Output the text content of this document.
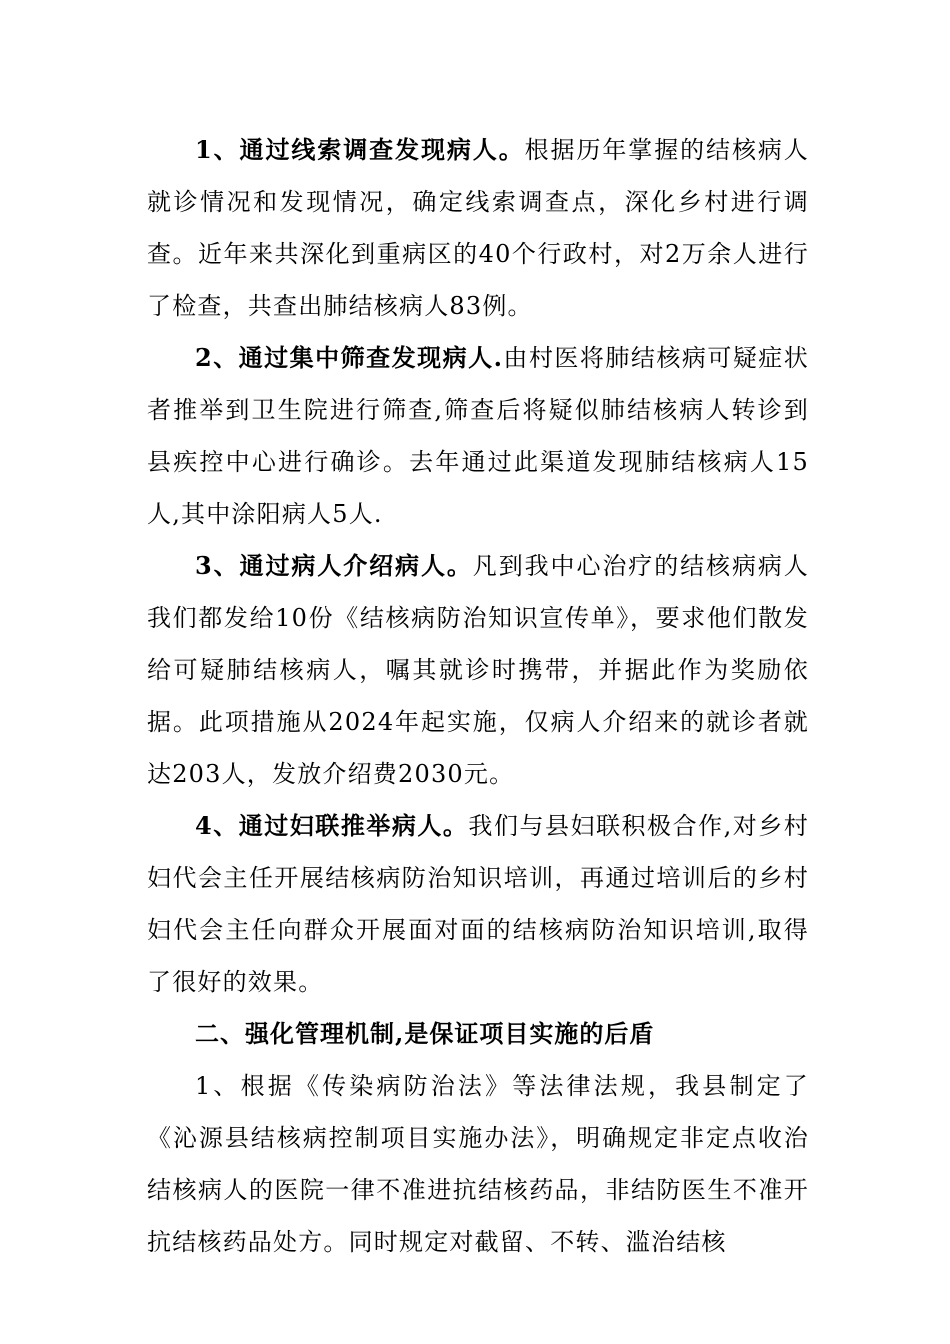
1、通过线索调查发现病人。根据历年掌握的结核病人就诊情况和发现情况，确定线索调查点，深化乡村进行调查。近年来共深化到重病区的40个行政村，对2万余人进行了检查，共查出肺结核病人83例。

2、通过集中筛查发现病人.由村医将肺结核病可疑症状者推举到卫生院进行筛查,筛查后将疑似肺结核病人转诊到县疾控中心进行确诊。去年通过此渠道发现肺结核病人15人,其中涂阳病人5人.

3、通过病人介绍病人。凡到我中心治疗的结核病病人我们都发给10份《结核病防治知识宣传单》，要求他们散发给可疑肺结核病人，嘱其就诊时携带，并据此作为奖励依据。此项措施从2024年起实施，仅病人介绍来的就诊者就达203人，发放介绍费2030元。

4、通过妇联推举病人。我们与县妇联积极合作,对乡村妇代会主任开展结核病防治知识培训，再通过培训后的乡村妇代会主任向群众开展面对面的结核病防治知识培训,取得了很好的效果。

二、强化管理机制,是保证项目实施的后盾

1、根据《传染病防治法》等法律法规，我县制定了《沁源县结核病控制项目实施办法》，明确规定非定点收治结核病人的医院一律不准进抗结核药品，非结防医生不准开抗结核药品处方。同时规定对截留、不转、滥治结核
